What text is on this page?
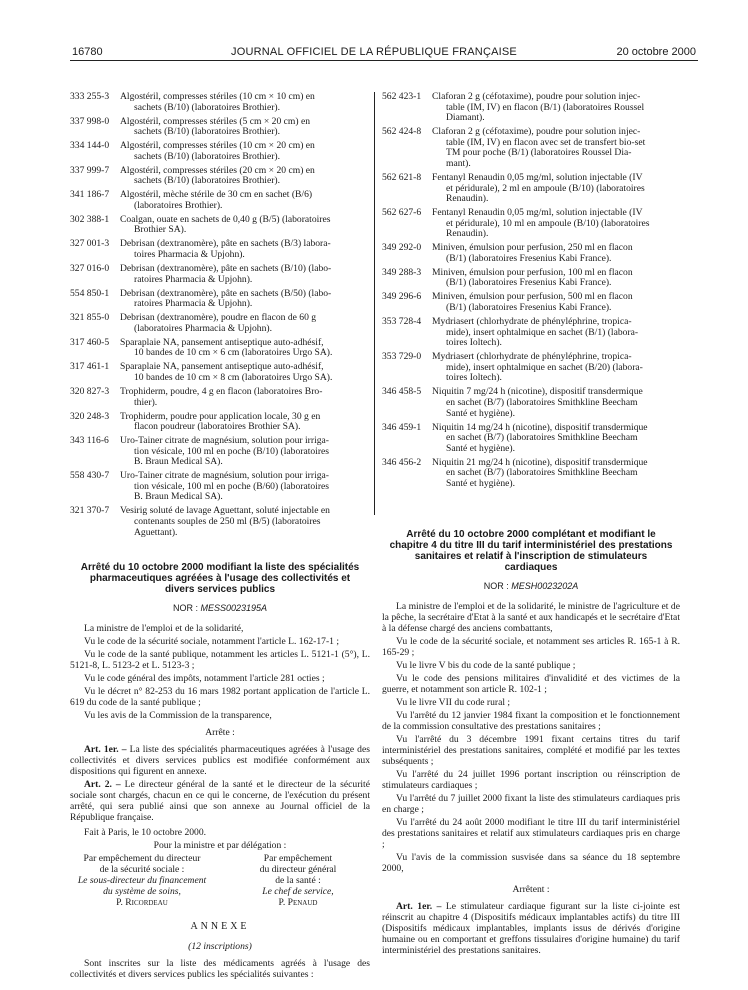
16780	JOURNAL OFFICIEL DE LA RÉPUBLIQUE FRANÇAISE	20 octobre 2000
333 255-3	Algostéril, compresses stériles (10 cm × 10 cm) en
sachets (B/10) (laboratoires Brothier).
337 998-0	Algostéril, compresses stériles (5 cm × 20 cm) en
sachets (B/10) (laboratoires Brothier).
334 144-0	Algostéril, compresses stériles (10 cm × 20 cm) en
sachets (B/10) (laboratoires Brothier).
337 999-7	Algostéril, compresses stériles (20 cm × 20 cm) en
sachets (B/10) (laboratoires Brothier).
341 186-7	Algostéril, mèche stérile de 30 cm en sachet (B/6)
(laboratoires Brothier).
302 388-1	Coalgan, ouate en sachets de 0,40 g (B/5) (laboratoires
Brothier SA).
327 001-3	Debrisan (dextranomère), pâte en sachets (B/3) labora-
toires Pharmacia & Upjohn).
327 016-0	Debrisan (dextranomère), pâte en sachets (B/10) (labo-
ratoires Pharmacia & Upjohn).
554 850-1	Debrisan (dextranomère), pâte en sachets (B/50) (labo-
ratoires Pharmacia & Upjohn).
321 855-0	Debrisan (dextranomère), poudre en flacon de 60 g
(laboratoires Pharmacia & Upjohn).
317 460-5	Sparaplaie NA, pansement antiseptique auto-adhésif,
10 bandes de 10 cm × 6 cm (laboratoires Urgo SA).
317 461-1	Sparaplaie NA, pansement antiseptique auto-adhésif,
10 bandes de 10 cm × 8 cm (laboratoires Urgo SA).
320 827-3	Trophiderm, poudre, 4 g en flacon (laboratoires Bro-
thier).
320 248-3	Trophiderm, poudre pour application locale, 30 g en
flacon poudreur (laboratoires Brothier SA).
343 116-6	Uro-Tainer citrate de magnésium, solution pour irriga-
tion vésicale, 100 ml en poche (B/10) (laboratoires
B. Braun Medical SA).
558 430-7	Uro-Tainer citrate de magnésium, solution pour irriga-
tion vésicale, 100 ml en poche (B/60) (laboratoires
B. Braun Medical SA).
321 370-7	Vesirig soluté de lavage Aguettant, soluté injectable en
contenants souples de 250 ml (B/5) (laboratoires
Aguettant).
Arrêté du 10 octobre 2000 modifiant la liste des spécialités pharmaceutiques agréées à l'usage des collectivités et divers services publics
NOR : MESS0023195A

La ministre de l'emploi et de la solidarité,

Vu le code de la sécurité sociale, notamment l'article L. 162-17-1 ;

Vu le code de la santé publique, notamment les articles L. 5121-1 (5°), L. 5121-8, L. 5123-2 et L. 5123-3 ;

Vu le code général des impôts, notamment l'article 281 octies ;

Vu le décret n° 82-253 du 16 mars 1982 portant application de l'article L. 619 du code de la santé publique ;

Vu les avis de la Commission de la transparence,

Arrête :

Art. 1er. – La liste des spécialités pharmaceutiques agréées à l'usage des collectivités et divers services publics est modifiée conformément aux dispositions qui figurent en annexe.

Art. 2. – Le directeur général de la santé et le directeur de la sécurité sociale sont chargés, chacun en ce qui le concerne, de l'exécution du présent arrêté, qui sera publié ainsi que son annexe au Journal officiel de la République française.

Fait à Paris, le 10 octobre 2000.

Pour la ministre et par délégation :

Par empêchement du directeur
de la sécurité sociale :
Le sous-directeur du financement
du système de soins,
P. Ricordeau
Par empêchement
du directeur général
de la santé :
Le chef de service,
P. Penaud
ANNEXE

(12 inscriptions)

Sont inscrites sur la liste des médicaments agréés à l'usage des collectivités et divers services publics les spécialités suivantes :

562 423-1	Claforan 2 g (céfotaxime), poudre pour solution injec-
table (IM, IV) en flacon (B/1) (laboratoires Roussel
Diamant).
562 424-8	Claforan 2 g (céfotaxime), poudre pour solution injec-
table (IM, IV) en flacon avec set de transfert bio-set
TM pour poche (B/1) (laboratoires Roussel Dia-
mant).
562 621-8	Fentanyl Renaudin 0,05 mg/ml, solution injectable (IV
et péridurale), 2 ml en ampoule (B/10) (laboratoires
Renaudin).
562 627-6	Fentanyl Renaudin 0,05 mg/ml, solution injectable (IV
et péridurale), 10 ml en ampoule (B/10) (laboratoires
Renaudin).
349 292-0	Miniven, émulsion pour perfusion, 250 ml en flacon
(B/1) (laboratoires Fresenius Kabi France).
349 288-3	Miniven, émulsion pour perfusion, 100 ml en flacon
(B/1) (laboratoires Fresenius Kabi France).
349 296-6	Miniven, émulsion pour perfusion, 500 ml en flacon
(B/1) (laboratoires Fresenius Kabi France).
353 728-4	Mydriasert (chlorhydrate de phényléphrine, tropica-
mide), insert ophtalmique en sachet (B/1) (labora-
toires Ioltech).
353 729-0	Mydriasert (chlorhydrate de phényléphrine, tropica-
mide), insert ophtalmique en sachet (B/20) (labora-
toires Ioltech).
346 458-5	Niquitin 7 mg/24 h (nicotine), dispositif transdermique
en sachet (B/7) (laboratoires Smithkline Beecham
Santé et hygiène).
346 459-1	Niquitin 14 mg/24 h (nicotine), dispositif transdermique
en sachet (B/7) (laboratoires Smithkline Beecham
Santé et hygiène).
346 456-2	Niquitin 21 mg/24 h (nicotine), dispositif transdermique
en sachet (B/7) (laboratoires Smithkline Beecham
Santé et hygiène).
Arrêté du 10 octobre 2000 complétant et modifiant le chapitre 4 du titre III du tarif interministériel des prestations sanitaires et relatif à l'inscription de stimulateurs cardiaques
NOR : MESH0023202A

La ministre de l'emploi et de la solidarité, le ministre de l'agriculture et de la pêche, la secrétaire d'Etat à la santé et aux handicapés et le secrétaire d'Etat à la défense chargé des anciens combattants,

Vu le code de la sécurité sociale, et notamment ses articles R. 165-1 à R. 165-29 ;

Vu le livre V bis du code de la santé publique ;

Vu le code des pensions militaires d'invalidité et des victimes de la guerre, et notamment son article R. 102-1 ;

Vu le livre VII du code rural ;

Vu l'arrêté du 12 janvier 1984 fixant la composition et le fonctionnement de la commission consultative des prestations sanitaires ;

Vu l'arrêté du 3 décembre 1991 fixant certains titres du tarif interministériel des prestations sanitaires, complété et modifié par les textes subséquents ;

Vu l'arrêté du 24 juillet 1996 portant inscription ou réinscription de stimulateurs cardiaques ;

Vu l'arrêté du 7 juillet 2000 fixant la liste des stimulateurs cardiaques pris en charge ;

Vu l'arrêté du 24 août 2000 modifiant le titre III du tarif interministériel des prestations sanitaires et relatif aux stimulateurs cardiaques pris en charge ;

Vu l'avis de la commission susvisée dans sa séance du 18 septembre 2000,

Arrêtent :

Art. 1er. – Le stimulateur cardiaque figurant sur la liste ci-jointe est réinscrit au chapitre 4 (Dispositifs médicaux implantables actifs) du titre III (Dispositifs médicaux implantables, implants issus de dérivés d'origine humaine ou en comportant et greffons tissulaires d'origine humaine) du tarif interministériel des prestations sanitaires.
